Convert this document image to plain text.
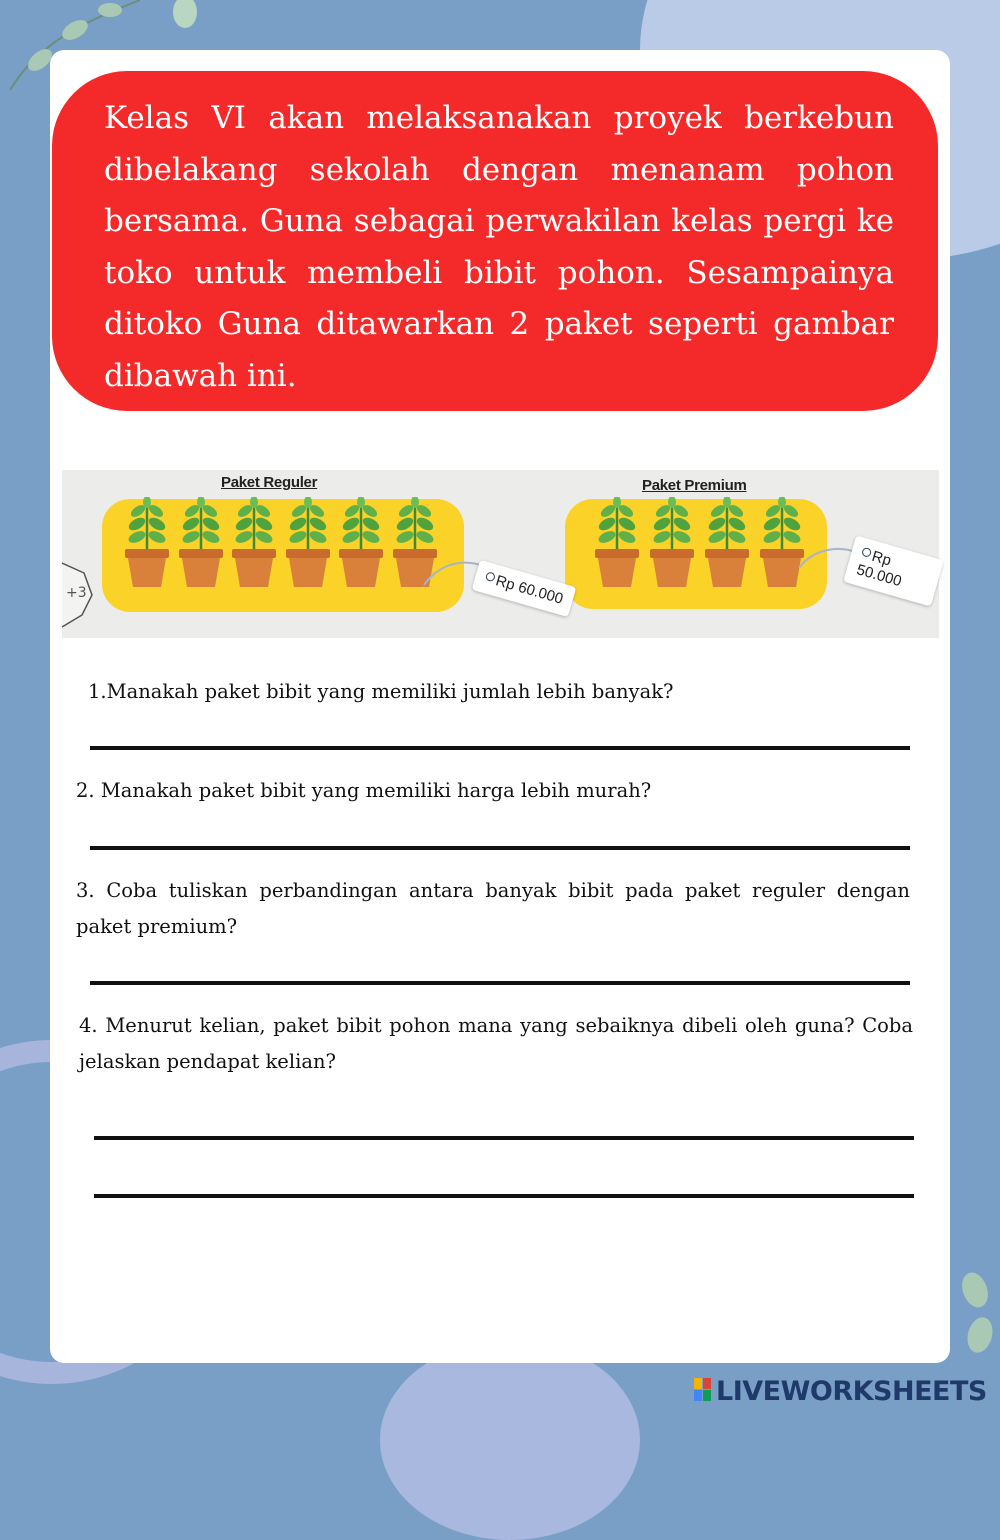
Kelas VI akan melaksanakan proyek berkebun dibelakang sekolah dengan menanam pohon bersama. Guna sebagai perwakilan kelas pergi ke toko untuk membeli bibit pohon. Sesampainya ditoko Guna ditawarkan 2 paket seperti gambar dibawah ini.
+3
Paket Reguler	Paket Premium
Rp 60.000
Rp 50.000
1.Manakah paket bibit yang memiliki jumlah lebih banyak?
2. Manakah paket bibit yang memiliki harga lebih murah?
3. Coba tuliskan perbandingan antara banyak bibit pada paket reguler dengan paket premium?
4. Menurut kelian, paket bibit pohon mana yang sebaiknya dibeli oleh guna? Coba jelaskan pendapat kelian?
LIVEWORKSHEETS
